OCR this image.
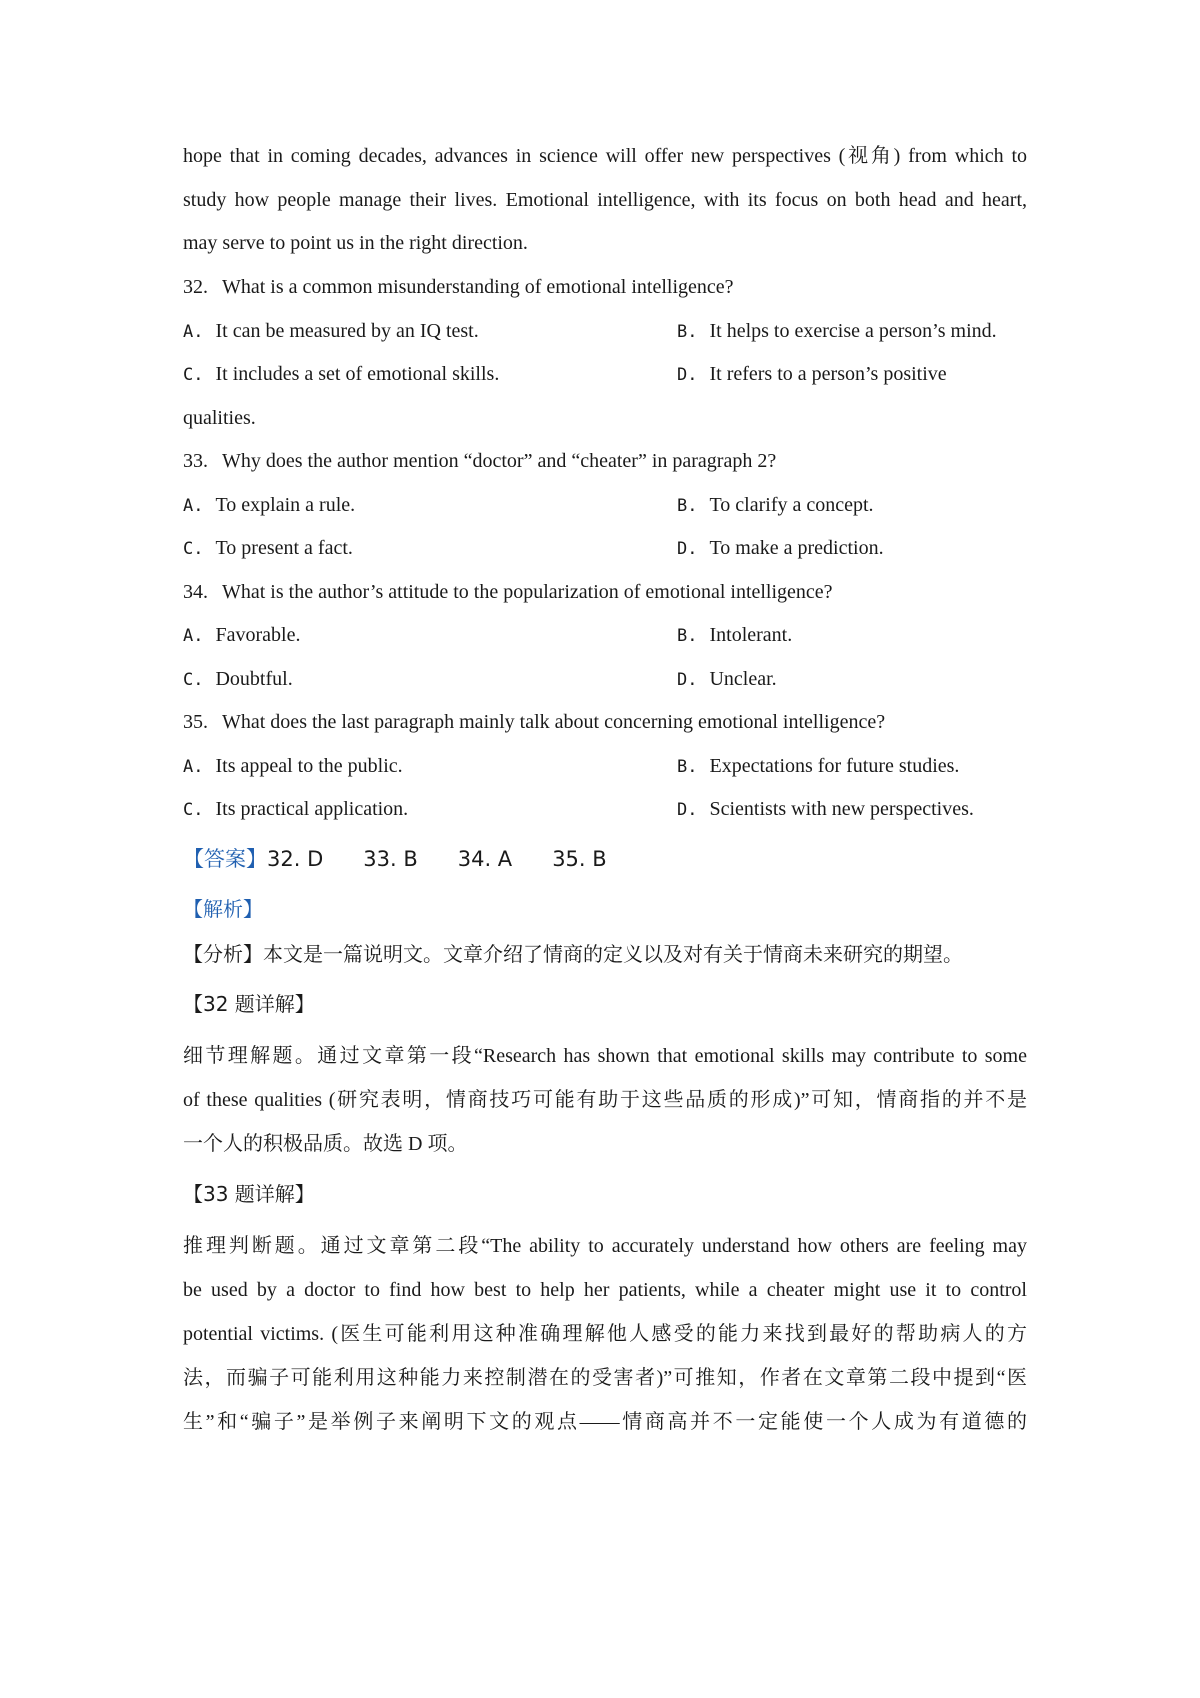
hope that in coming decades, advances in science will offer new perspectives (视角) from which to
study how people manage their lives. Emotional intelligence, with its focus on both head and heart,
may serve to point us in the right direction.
32. What is a common misunderstanding of emotional intelligence?
A. It can be measured by an IQ test.	B. It helps to exercise a person’s mind.
C. It includes a set of emotional skills.	D. It refers to a person’s positive
qualities.
33. Why does the author mention “doctor” and “cheater” in paragraph 2?
A. To explain a rule.	B. To clarify a concept.
C. To present a fact.	D. To make a prediction.
34. What is the author’s attitude to the popularization of emotional intelligence?
A. Favorable.	B. Intolerant.
C. Doubtful.	D. Unclear.
35. What does the last paragraph mainly talk about concerning emotional intelligence?
A. Its appeal to the public.	B. Expectations for future studies.
C. Its practical application.	D. Scientists with new perspectives.
【答案】32. D 33. B 34. A 35. B
【解析】
【分析】本文是一篇说明文。文章介绍了情商的定义以及对有关于情商未来研究的期望。
【32 题详解】
细节理解题。通过文章第一段“Research has shown that emotional skills may contribute to some
of these qualities (研究表明，情商技巧可能有助于这些品质的形成)”可知，情商指的并不是
一个人的积极品质。故选 D 项。
【33 题详解】
推理判断题。通过文章第二段“The ability to accurately understand how others are feeling may
be used by a doctor to find how best to help her patients, while a cheater might use it to control
potential victims. (医生可能利用这种准确理解他人感受的能力来找到最好的帮助病人的方
法，而骗子可能利用这种能力来控制潜在的受害者)”可推知，作者在文章第二段中提到“医
生”和“骗子”是举例子来阐明下文的观点——情商高并不一定能使一个人成为有道德的
